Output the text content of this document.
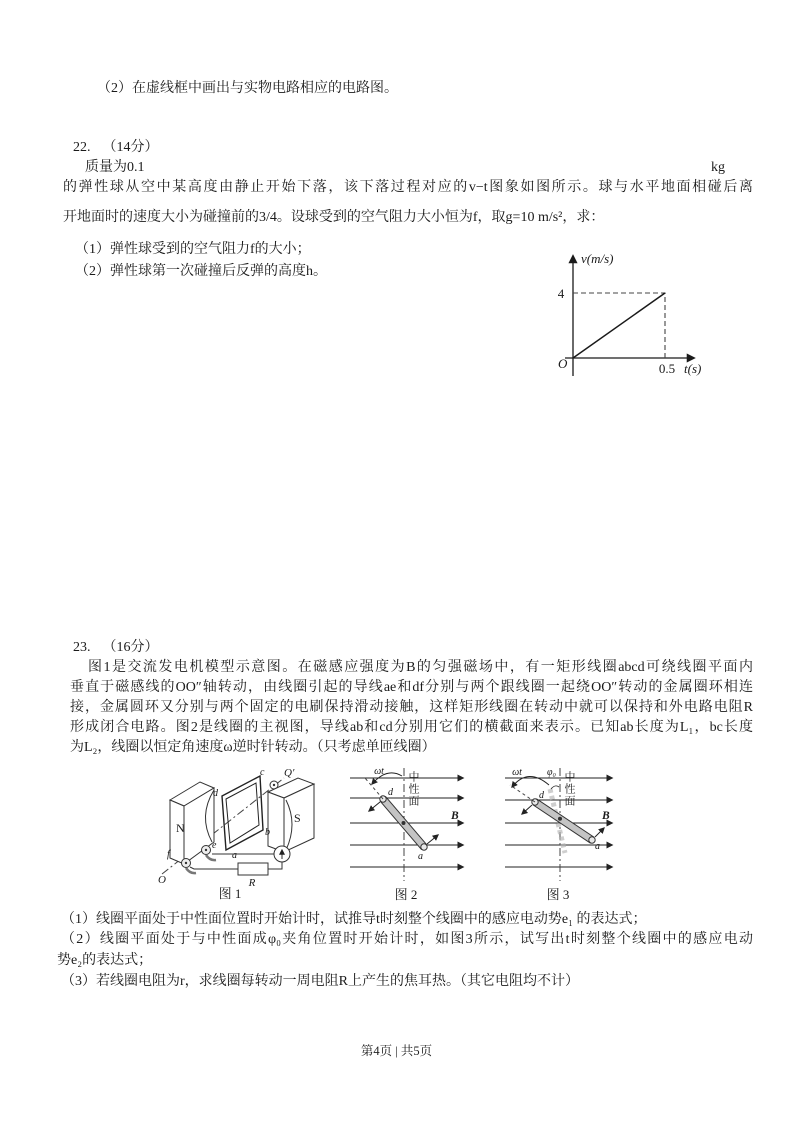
（2）在虚线框中画出与实物电路相应的电路图。
22. （14分）
质量为0.1	kg
的弹性球从空中某高度由静止开始下落，该下落过程对应的v−t图象如图所示。球与水平地面相碰后离
开地面时的速度大小为碰撞前的3/4。设球受到的空气阻力大小恒为f，取g=10 m/s²，求：
（1）弹性球受到的空气阻力f的大小；
（2）弹性球第一次碰撞后反弹的高度h。
v(m/s)
t(s)
O
4
0.5
23. （16分）
图1是交流发电机模型示意图。在磁感应强度为B的匀强磁场中，有一矩形线圈abcd可绕线圈平面内
垂直于磁感线的OO″轴转动，由线圈引起的导线ae和df分别与两个跟线圈一起绕OO″转动的金属圈环相连
接，金属圆环又分别与两个固定的电刷保持滑动接触，这样矩形线圈在转动中就可以保持和外电路电阻R
形成闭合电路。图2是线圈的主视图，导线ab和cd分别用它们的横截面来表示。已知ab长度为L₁，bc长度
为L₂，线圈以恒定角速度ω逆时针转动。（只考虑单匝线圈）
N
S
c
d
b
a
e
f
R
O
Q′
图 1
ωt
d
a
B
图 2
中性面	ωt	φ₀
d
a
B
图 3
中性面
（1）线圈平面处于中性面位置时开始计时，试推导t时刻整个线圈中的感应电动势e₁ 的表达式；
（2）线圈平面处于与中性面成φ₀夹角位置时开始计时，如图3所示，试写出t时刻整个线圈中的感应电动
势e₂的表达式；
（3）若线圈电阻为r，求线圈每转动一周电阻R上产生的焦耳热。（其它电阻均不计）
第4页 | 共5页
